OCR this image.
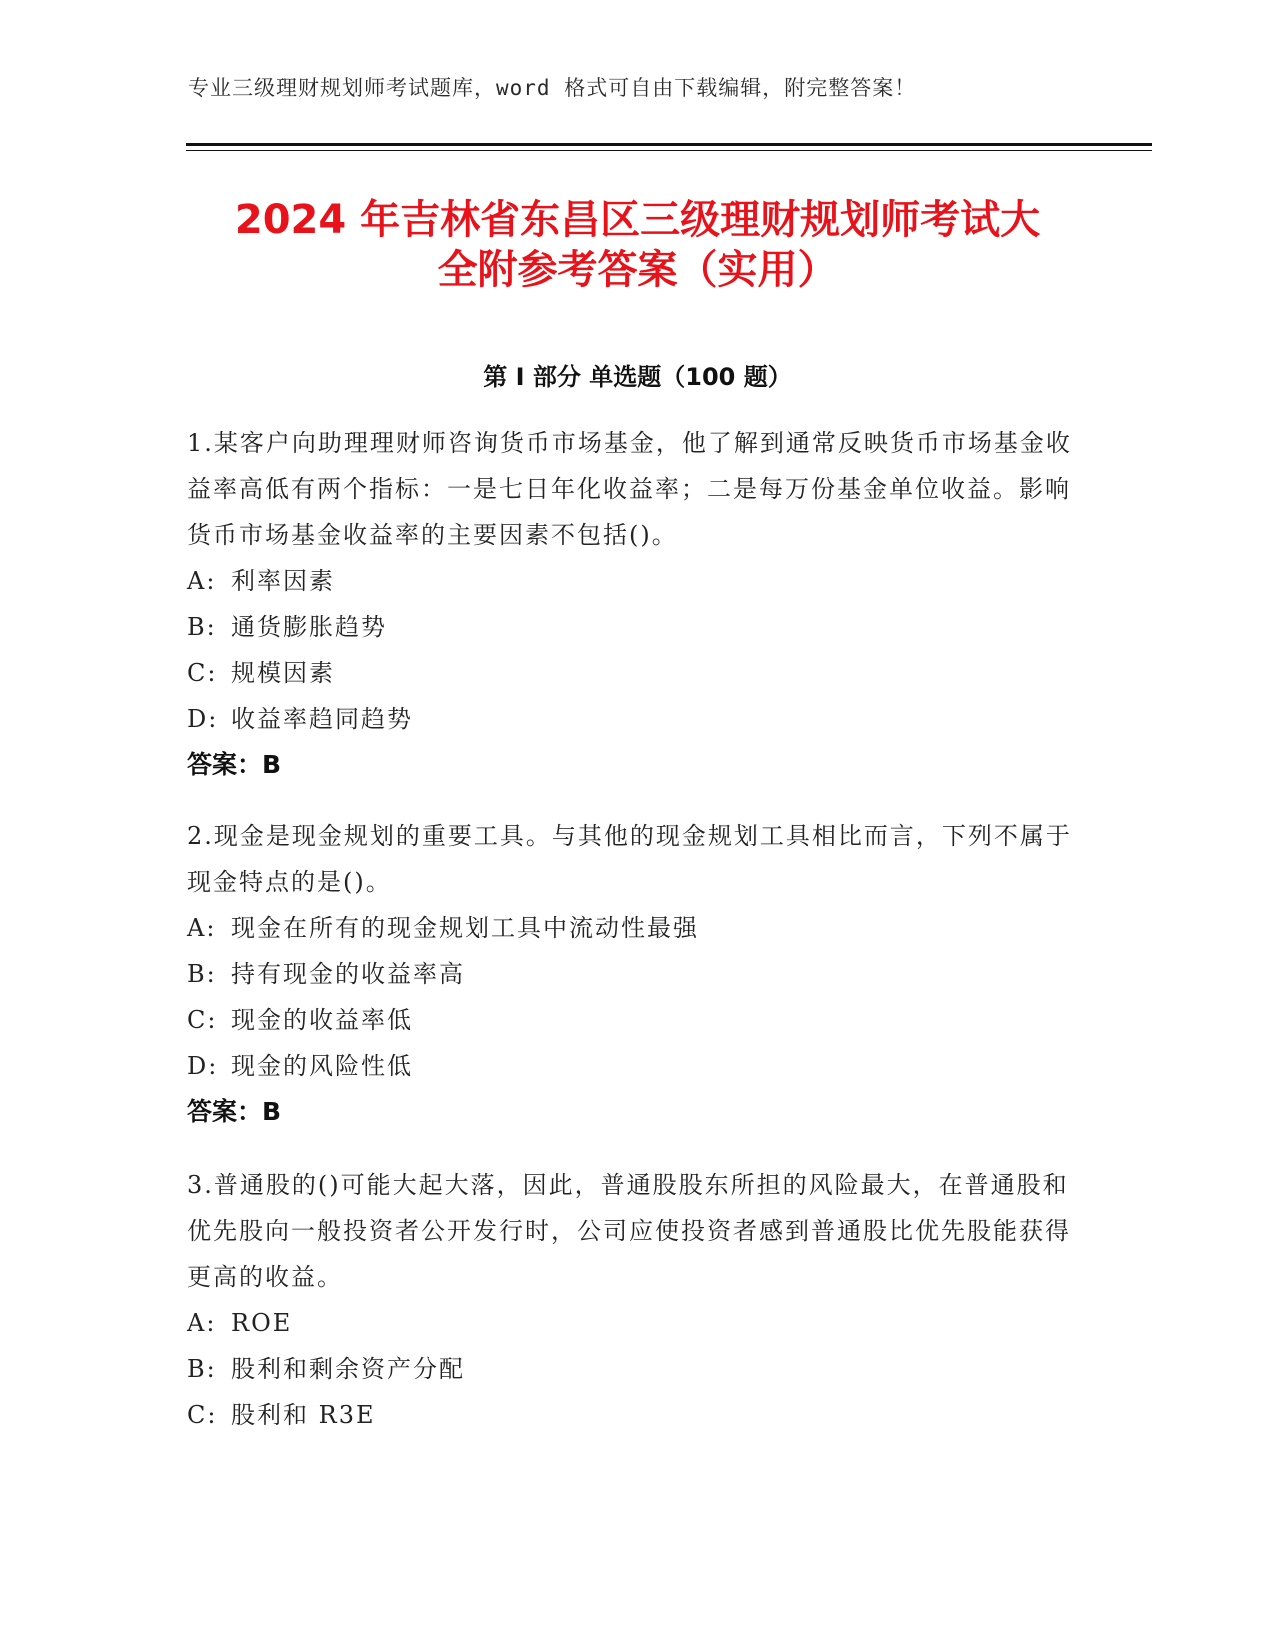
专业三级理财规划师考试题库，word 格式可自由下载编辑，附完整答案！
2024 年吉林省东昌区三级理财规划师考试大
全附参考答案（实用）
第 I 部分 单选题（100 题）

1.某客户向助理理财师咨询货币市场基金，他了解到通常反映货币市场基金收益率高低有两个指标：一是七日年化收益率；二是每万份基金单位收益。影响货币市场基金收益率的主要因素不包括()。

A: 利率因素
B: 通货膨胀趋势
C: 规模因素
D: 收益率趋同趋势
答案：B

2.现金是现金规划的重要工具。与其他的现金规划工具相比而言，下列不属于现金特点的是()。

A: 现金在所有的现金规划工具中流动性最强
B: 持有现金的收益率高
C: 现金的收益率低
D: 现金的风险性低
答案：B

3.普通股的()可能大起大落，因此，普通股股东所担的风险最大，在普通股和优先股向一般投资者公开发行时，公司应使投资者感到普通股比优先股能获得更高的收益。

A: ROE
B: 股利和剩余资产分配
C: 股利和 R3E
